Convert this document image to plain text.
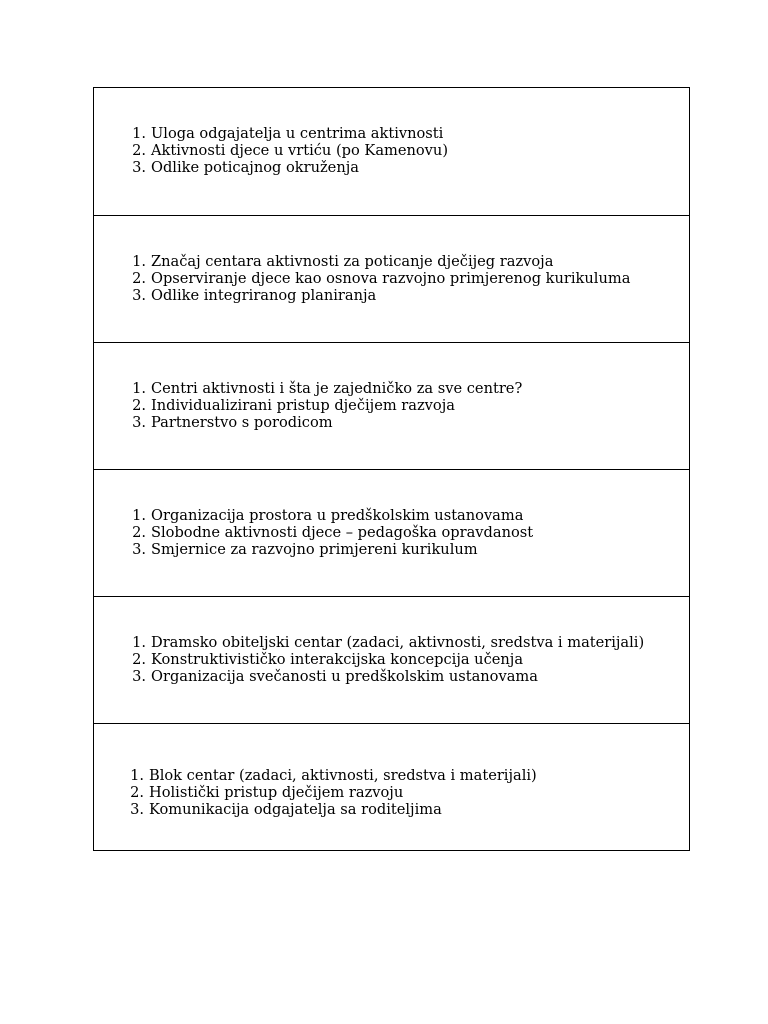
1. Uloga odgajatelja u centrima aktivnosti
2. Aktivnosti djece u vrtiću (po Kamenovu)
3. Odlike poticajnog okruženja
1. Značaj centara aktivnosti za poticanje dječijeg razvoja
2. Opserviranje djece kao osnova razvojno primjerenog kurikuluma
3. Odlike integriranog planiranja
1. Centri aktivnosti i šta je zajedničko za sve centre?
2. Individualizirani pristup dječijem razvoja
3. Partnerstvo s porodicom
1. Organizacija prostora u predškolskim ustanovama
2. Slobodne aktivnosti djece – pedagoška opravdanost
3. Smjernice za razvojno primjereni kurikulum
1. Dramsko obiteljski centar (zadaci, aktivnosti, sredstva i materijali)
2. Konstruktivističko interakcijska koncepcija učenja
3. Organizacija svečanosti u predškolskim ustanovama
1. Blok centar (zadaci, aktivnosti, sredstva i materijali)
2. Holistički pristup dječijem razvoju
3. Komunikacija odgajatelja sa roditeljima
